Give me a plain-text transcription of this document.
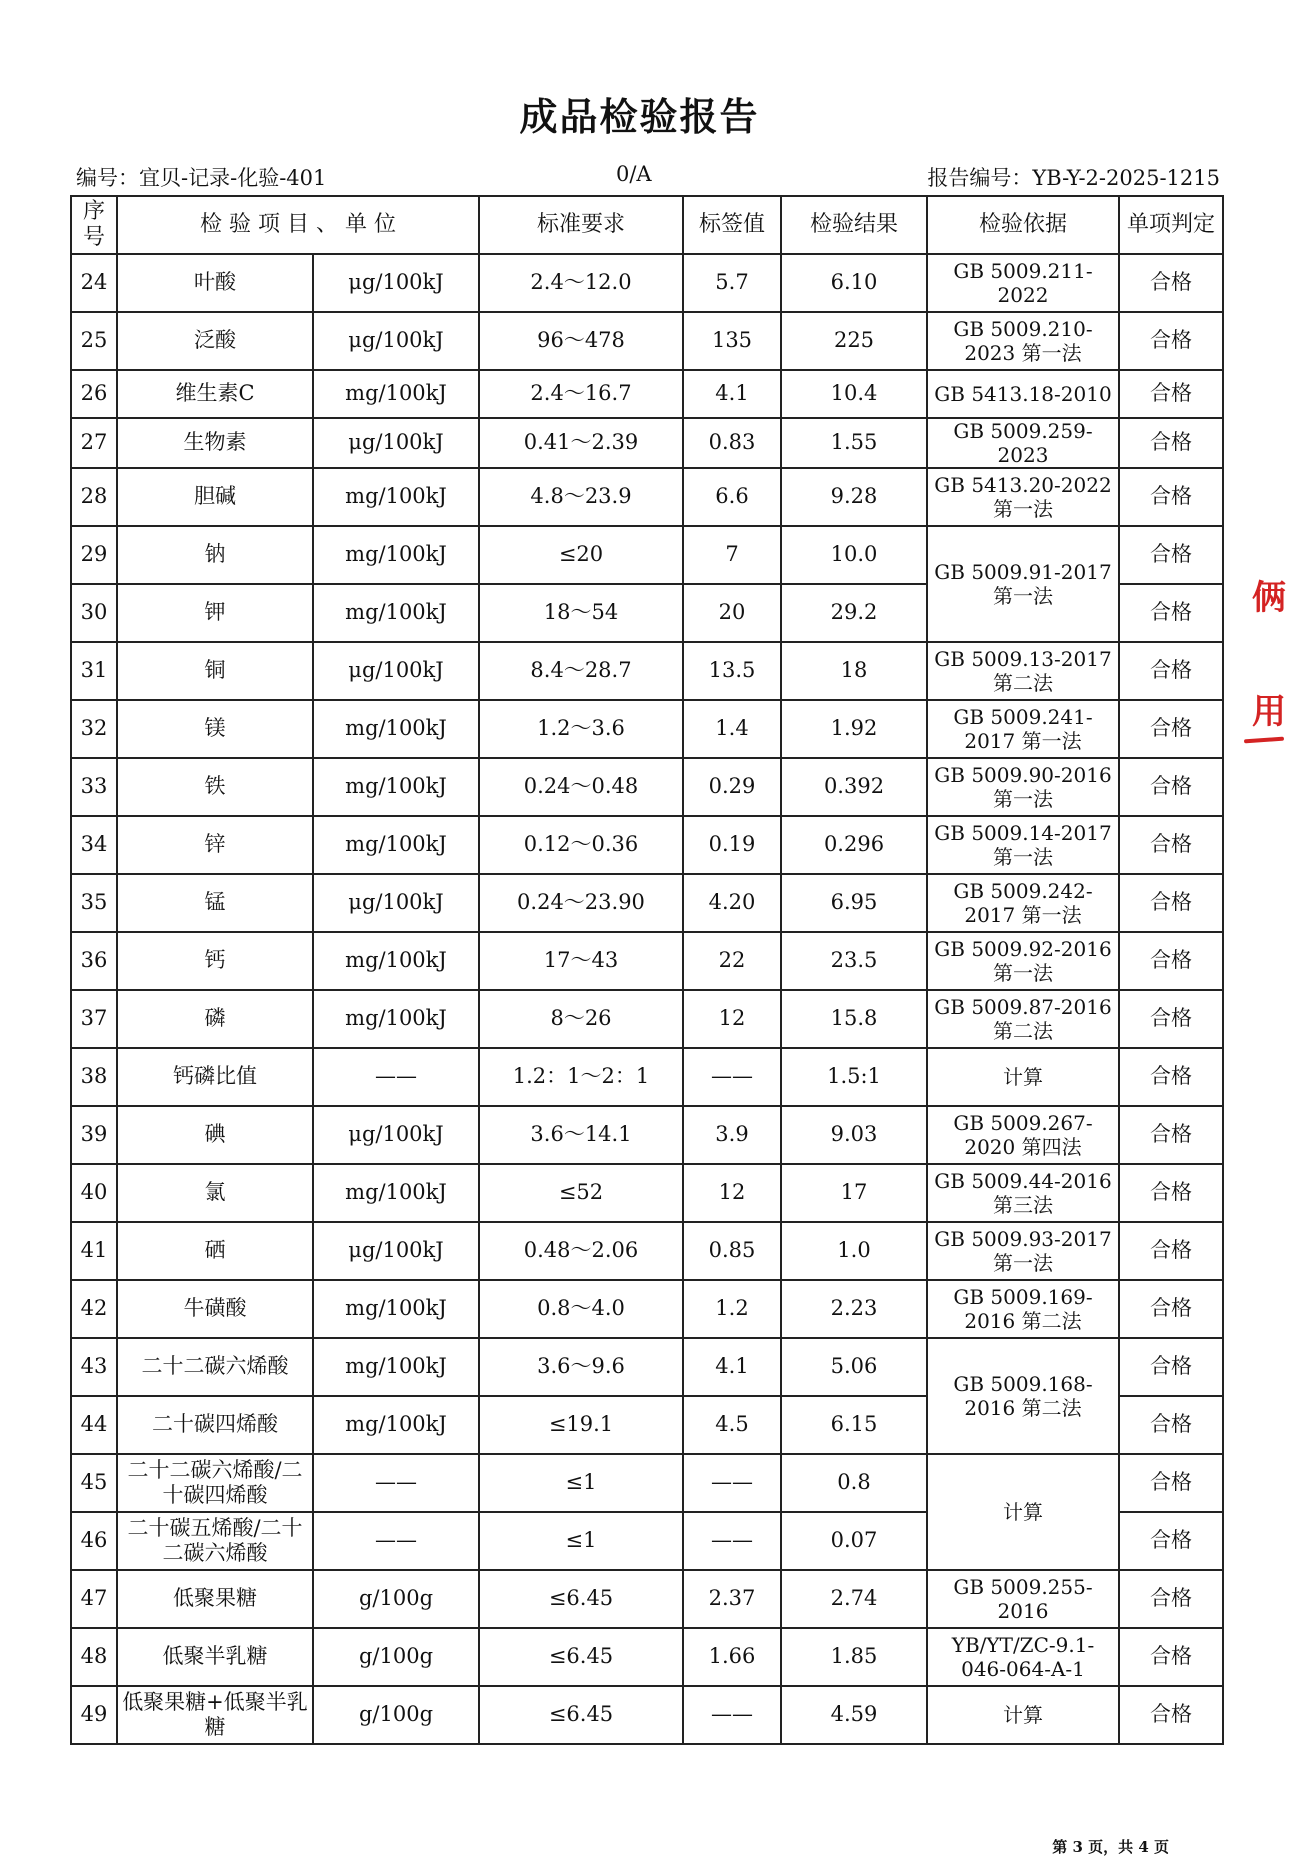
成品检验报告
编号：宜贝-记录-化验-401	0/A	报告编号：YB-Y-2-2025-1215
序号	检 验 项 目 、 单 位		标准要求	标签值	检验结果	检验依据	单项判定
24	叶酸	μg/100kJ	2.4～12.0	5.7	6.10	GB 5009.211-2022	合格
25	泛酸	μg/100kJ	96～478	135	225	GB 5009.210-2023 第一法	合格
26	维生素C	mg/100kJ	2.4～16.7	4.1	10.4	GB 5413.18-2010	合格
27	生物素	μg/100kJ	0.41～2.39	0.83	1.55	GB 5009.259-2023	合格
28	胆碱	mg/100kJ	4.8～23.9	6.6	9.28	GB 5413.20-2022 第一法	合格
29	钠	mg/100kJ	≤20	7	10.0	GB 5009.91-2017 第一法	合格
30	钾	mg/100kJ	18～54	20	29.2		合格
31	铜	μg/100kJ	8.4～28.7	13.5	18	GB 5009.13-2017 第二法	合格
32	镁	mg/100kJ	1.2～3.6	1.4	1.92	GB 5009.241-2017 第一法	合格
33	铁	mg/100kJ	0.24～0.48	0.29	0.392	GB 5009.90-2016 第一法	合格
34	锌	mg/100kJ	0.12～0.36	0.19	0.296	GB 5009.14-2017 第一法	合格
35	锰	μg/100kJ	0.24～23.90	4.20	6.95	GB 5009.242-2017 第一法	合格
36	钙	mg/100kJ	17～43	22	23.5	GB 5009.92-2016 第一法	合格
37	磷	mg/100kJ	8～26	12	15.8	GB 5009.87-2016 第二法	合格
38	钙磷比值	——	1.2：1～2：1	——	1.5:1	计算	合格
39	碘	μg/100kJ	3.6～14.1	3.9	9.03	GB 5009.267-2020 第四法	合格
40	氯	mg/100kJ	≤52	12	17	GB 5009.44-2016 第三法	合格
41	硒	μg/100kJ	0.48～2.06	0.85	1.0	GB 5009.93-2017 第一法	合格
42	牛磺酸	mg/100kJ	0.8～4.0	1.2	2.23	GB 5009.169-2016 第二法	合格
43	二十二碳六烯酸	mg/100kJ	3.6～9.6	4.1	5.06	GB 5009.168-2016 第二法	合格
44	二十碳四烯酸	mg/100kJ	≤19.1	4.5	6.15		合格
45	二十二碳六烯酸/二十碳四烯酸	——	≤1	——	0.8	计算	合格
46	二十碳五烯酸/二十二碳六烯酸	——	≤1	——	0.07		合格
47	低聚果糖	g/100g	≤6.45	2.37	2.74	GB 5009.255-2016	合格
48	低聚半乳糖	g/100g	≤6.45	1.66	1.85	YB/YT/ZC-9.1-046-064-A-1	合格
49	低聚果糖+低聚半乳糖	g/100g	≤6.45	——	4.59	计算	合格
俩
用
第 3 页，共 4 页
